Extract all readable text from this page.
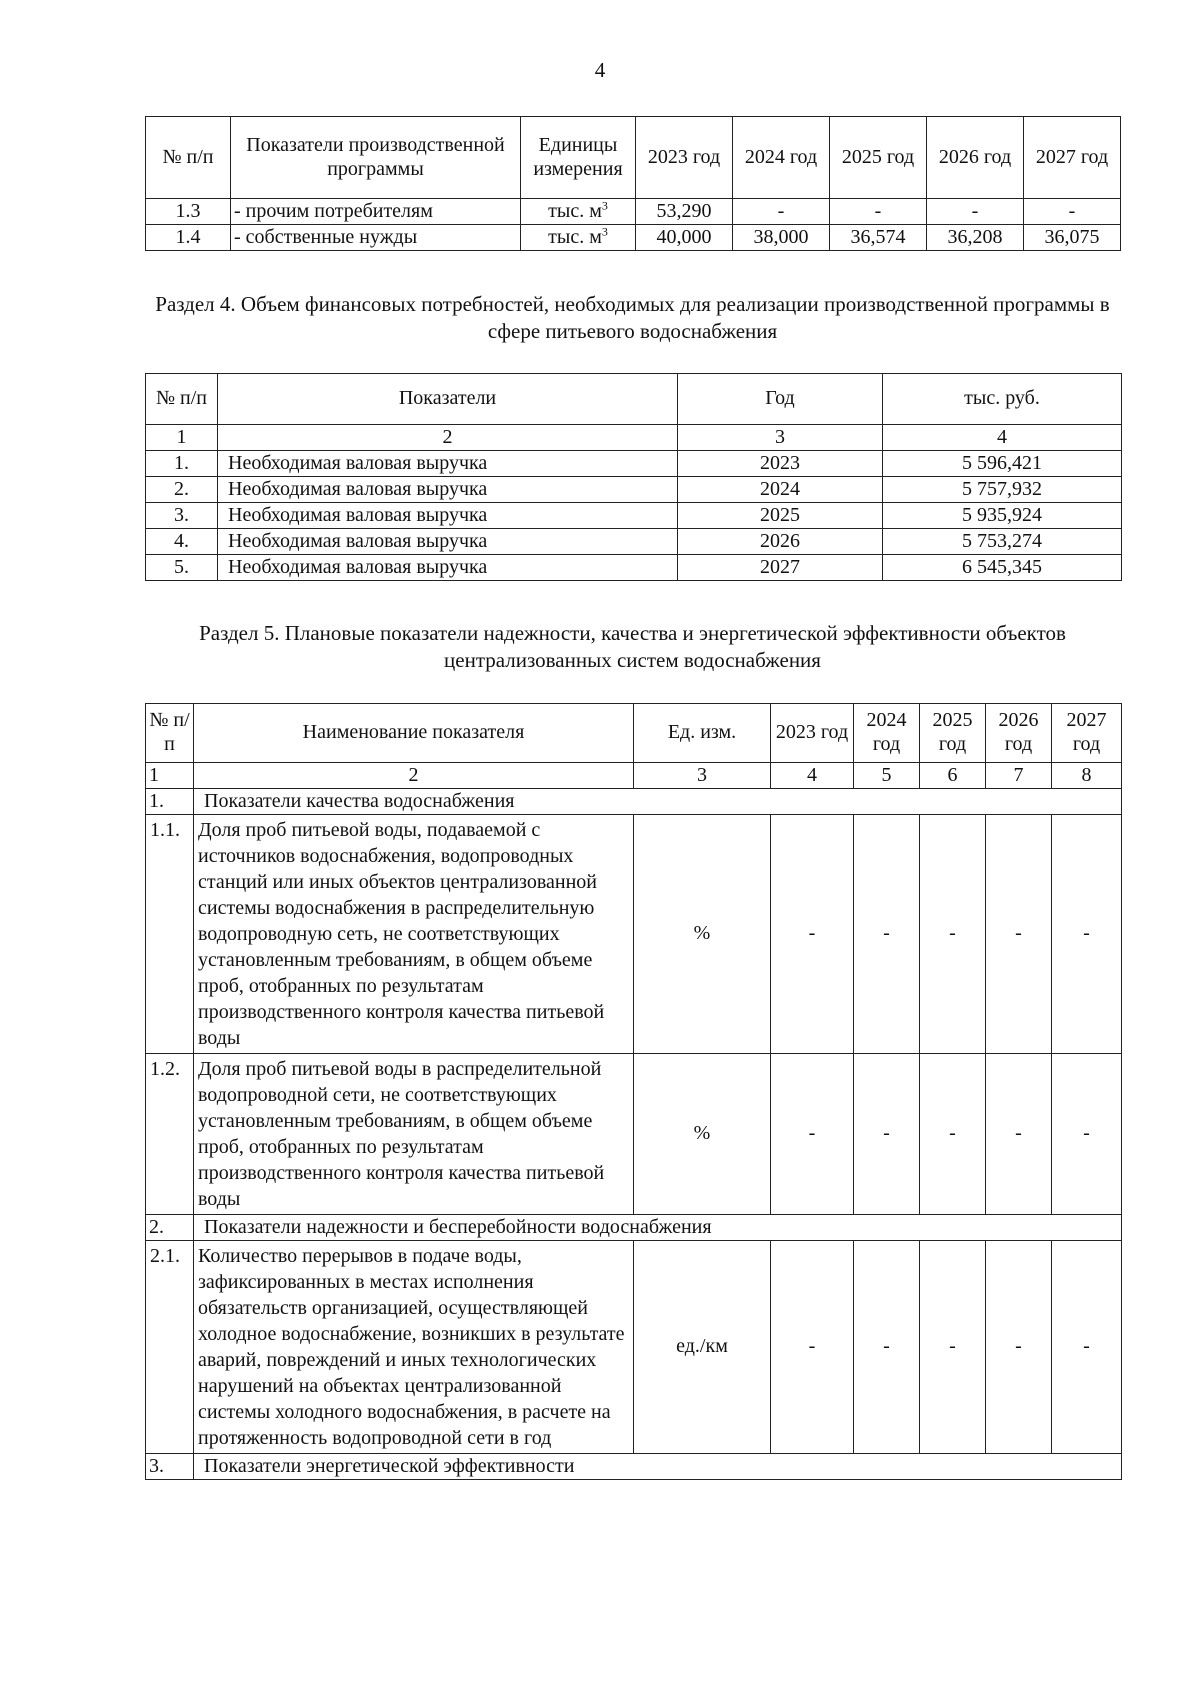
4
№ п/п	Показатели производственной программы	Единицы измерения	2023 год	2024 год	2025 год	2026 год	2027 год
1.3	- прочим потребителям	тыс. $м^3$	53,290	-	-	-	-
1.4	- собственные нужды	тыс. $м^3$	40,000	38,000	36,574	36,208	36,075
Раздел 4. Объем финансовых потребностей, необходимых для реализации производственной программы в сфере питьевого водоснабжения
№ п/п	Показатели	Год	тыс. руб.
1	2	3	4
1.	Необходимая валовая выручка	2023	5 596,421
2.	Необходимая валовая выручка	2024	5 757,932
3.	Необходимая валовая выручка	2025	5 935,924
4.	Необходимая валовая выручка	2026	5 753,274
5.	Необходимая валовая выручка	2027	6 545,345
Раздел 5. Плановые показатели надежности, качества и энергетической эффективности объектов централизованных систем водоснабжения
№ п/п	Наименование показателя	Ед. изм.	2023 год	2024 год	2025 год	2026 год	2027 год
1	2	3	4	5	6	7	8
1.	Показатели качества водоснабжения						
1.1.	Доля проб питьевой воды, подаваемой с источников водоснабжения, водопроводных станций или иных объектов централизованной системы водоснабжения в распределительную водопроводную сеть, не соответствующих установленным требованиям, в общем объеме проб, отобранных по результатам производственного контроля качества питьевой воды	%	-	-	-	-	-
1.2.	Доля проб питьевой воды в распределительной водопроводной сети, не соответствующих установленным требованиям, в общем объеме проб, отобранных по результатам производственного контроля качества питьевой воды	%	-	-	-	-	-
2.	Показатели надежности и бесперебойности водоснабжения						
2.1.	Количество перерывов в подаче воды, зафиксированных в местах исполнения обязательств организацией, осуществляющей холодное водоснабжение, возникших в результате аварий, повреждений и иных технологических нарушений на объектах централизованной системы холодного водоснабжения, в расчете на протяженность водопроводной сети в год	ед./км	-	-	-	-	-
3.	Показатели энергетической эффективности						
